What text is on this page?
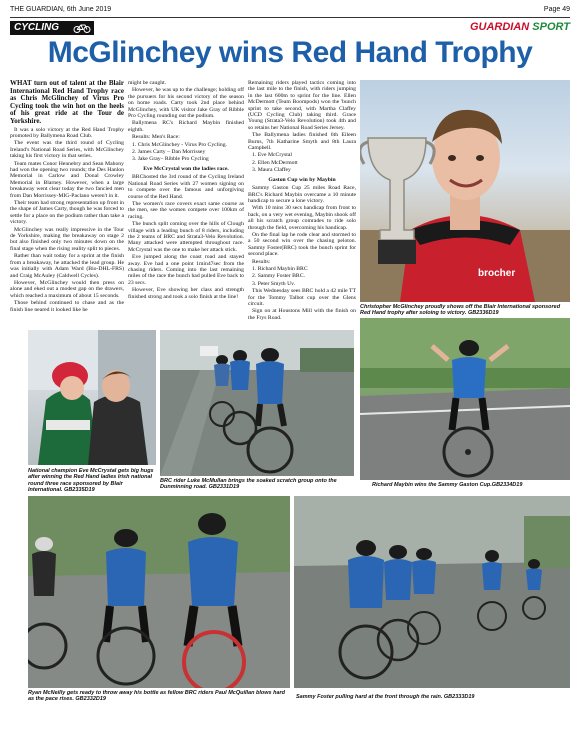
THE GUARDIAN, 6th June 2019	Page 49
CYCLING	GUARDIAN SPORT
McGlinchey wins Red Hand Trophy

WHAT turn out of talent at the Blair International Red Hand Trophy race as Chris McGlinchey of Virus Pro Cycling took the win hot on the heels of his great ride at the Tour de Yorkshire.

It was a solo victory at the Red Hand Trophy promoted by Ballymena Road Club.

The event was the third round of Cycling Ireland's National Road Series, with McGlinchey taking his first victory in that series.

Team mates Conor Hennebry and Sean Mahony had won the opening two rounds; the Des Hanlon Memorial in Carlow and Donal Crowley Memorial in Blarney. However, when a large breakaway went clear today the two fancied men from Dan Morrissey-MIG-Paclano weren't in it.

Their team had strong representation up front in the shape of James Carty, though he was forced to settle for a place on the podium rather than take a victory.

McGlinchey was really impressive in the Tour de Yorkshire, making the breakaway on stage 2 but also finished only two minutes down on the final stage when the rising reality split to pieces.

Rather than wait today for a sprint at the finish from a breakaway, he attacked the lead group. He was initially with Adam Ward (Bio-DHL-FRS) and Craig McAuley (Caldwell Cycles).

However, McGlinchey would then press on alone and eked out a modest gap on the drawers, which reached a maximum of about 15 seconds.

Those behind continued to chase and as the finish line neared it looked like he

might be caught.

However, he was up to the challenge; holding off the pursuers for his second victory of the season on home roads. Carty took 2nd place behind McGlinchey, with UK visitor Jake Gray of Ribble Pro Cycling rounding out the podium.

Ballymena RC's Richard Maybin finished eighth.

Results: Men's Race:

1. Chris McGlinchey - Virus Pro Cycling.

2. James Carty – Dan Morrissey

3. Jake Gray– Ribble Pro Cycling

Eve McCrystal won the ladies race.

BRChosted the 3rd round of the Cycling Ireland National Road Series with 27 women signing on to compete over the famous and unforgiving course of the Red Hand.

The women's race covers exact same course as the men, see the women compete over 100km of racing.

The bunch split coming over the hills of Clough village with a leading bunch of 8 riders, including the 2 teams of BRC and Strata3-Velo Revolution. Many attacked were attempted throughout race. McCrystal was the one to make her attack stick.

Eve jumped along the coast road and stayed away. Eve had a one point 1min47sec from the chasing riders. Coming into the last remaining miles of the race the bunch had pulled Eve back to 23 secs.

However, Eve showing her class and strength finished strong and took a solo finish at the line!

Remaining riders played tactics coming into the last mile to the finish, with riders jumping in the last 600m to sprint for the line. Ellen McDermott (Team Boompods) won the 'bunch sprint to take second, with Martha Claffey (UCD Cycling Club) taking third. Grace Young (Strata3-Velo Revolution) took 4th and so retains her National Road Series Jersey.

The Ballymena ladies finished 6th Eileen Burns, 7th Katharine Smyth and 8th Laura Campbell.

1. Eve McCrystal

2. Ellen McDermott

3. Maura Claffey

Gaston Cup win by Maybin

Sammy Gaston Cup 25 miles Road Race, BRC's Richard Maybin overcame a 10 minute handicap to secure a lone victory.

With 10 mins 30 secs handicap from front to back, on a very wet evening, Maybin shook off all his scratch group comrades to ride solo through the field, overcoming his handicap.

On the final lap he rode clear and stormed to a 50 second win over the chasing peloton. Sammy Foster(BRC) took the bunch sprint for second place.

Results:

1. Richard Maybin BRC

2. Sammy Foster BRC.

3. Peter Smyth Uv.

This Wednesday sees BRC hold a 42 mile TT for the Tommy Talbot cup over the Glens circuit.

Sign on at Houstons Mill with the finish on the Frys Road.

brocher
Christopher McGlinchey proudly shows off the Blair International sponsored Red Hand trophy after soloing to victory. GB2336D19
National champion Eve McCrystal gets big hugs after winning the Red Hand ladies Irish national round three race sponsored by Blair International. GB2335D19
BRC rider Luke McMullan brings the soaked scratch group onto the Dunminning road. GB2331D19	Richard Maybin wins the Sammy Gaston Cup.GB2334D19
Ryan McNeilly gets ready to throw away his bottle as fellow BRC riders Paul McQuillan blows hard as the pace rises. GB2332D19	Sammy Foster pulling hard at the front through the rain. GB2333D19
